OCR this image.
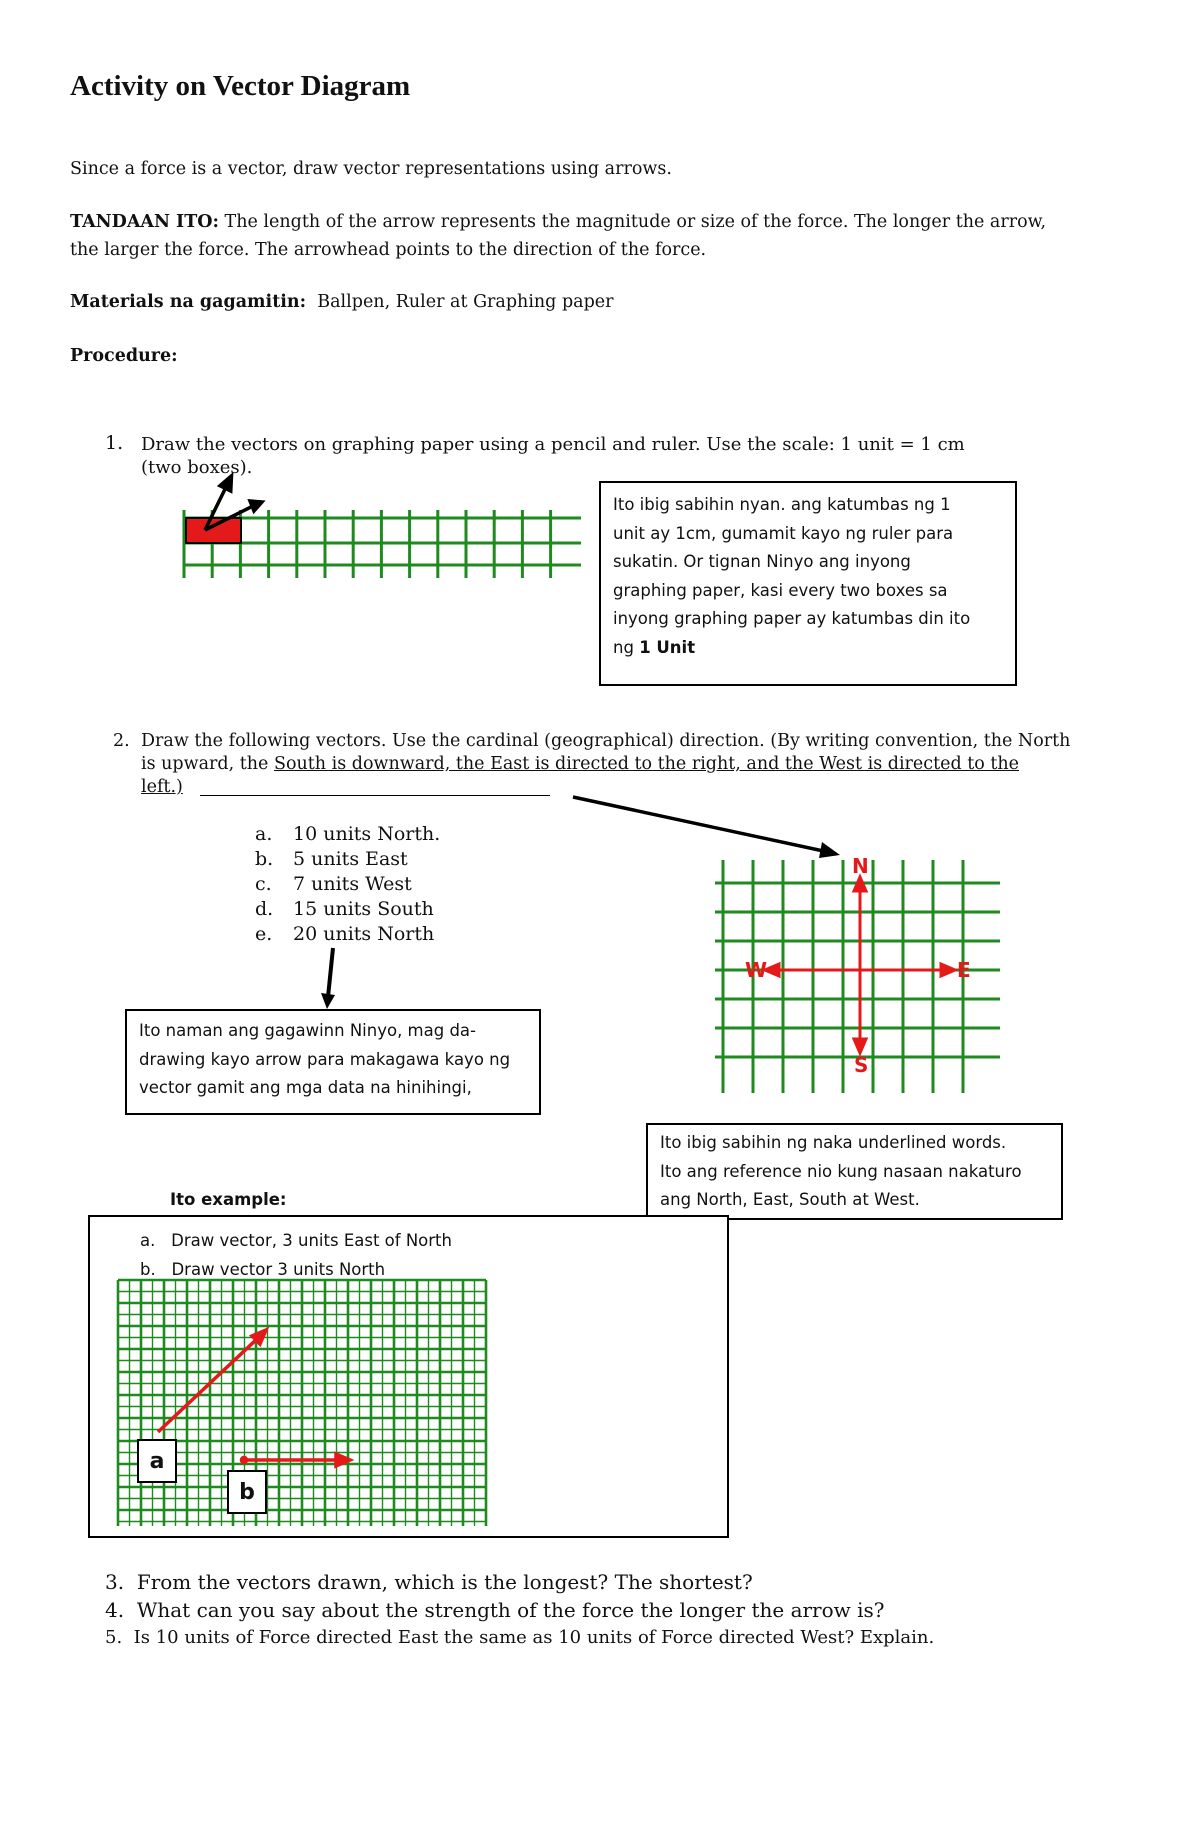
Activity on Vector Diagram
Since a force is a vector, draw vector representations using arrows.
TANDAAN ITO: The length of the arrow represents the magnitude or size of the force. The longer the arrow,
the larger the force. The arrowhead points to the direction of the force.
Materials na gagamitin: Ballpen, Ruler at Graphing paper
Procedure:
1. Draw the vectors on graphing paper using a pencil and ruler. Use the scale: 1 unit = 1 cm
(two boxes).
Ito ibig sabihin nyan. ang katumbas ng 1
unit ay 1cm, gumamit kayo ng ruler para
sukatin. Or tignan Ninyo ang inyong
graphing paper, kasi every two boxes sa
inyong graphing paper ay katumbas din ito
ng 1 Unit
2. Draw the following vectors. Use the cardinal (geographical) direction. (By writing convention, the North
is upward, the South is downward, the East is directed to the right, and the West is directed to the
left.)
a. 10 units North.
b. 5 units East
c. 7 units West
d. 15 units South
e. 20 units North
N
S
E
W
Ito naman ang gagawinn Ninyo, mag da-
drawing kayo arrow para makagawa kayo ng
vector gamit ang mga data na hinihingi,
Ito ibig sabihin ng naka underlined words.
Ito ang reference nio kung nasaan nakaturo
ang North, East, South at West.
Ito example:
a. Draw vector, 3 units East of North
b. Draw vector 3 units North
a
b
3. From the vectors drawn, which is the longest? The shortest?
4. What can you say about the strength of the force the longer the arrow is?
5. Is 10 units of Force directed East the same as 10 units of Force directed West? Explain.
